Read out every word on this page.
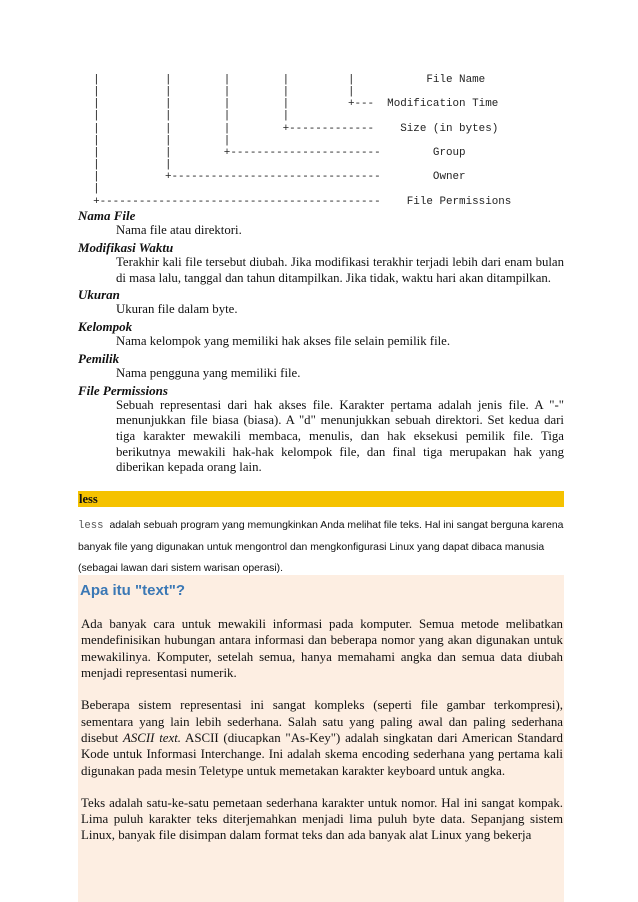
|          |        |        |         |           File Name
|          |        |        |         |
|          |        |        |         +---  Modification Time
|          |        |        |
|          |        |        +-------------    Size (in bytes)
|          |        |
|          |        +-----------------------        Group
|          |
|          +--------------------------------        Owner
|
+-------------------------------------------    File Permissions
Nama File
Nama file atau direktori.
Modifikasi Waktu
Terakhir kali file tersebut diubah. Jika modifikasi terakhir terjadi lebih dari enam bulan di masa lalu, tanggal dan tahun ditampilkan. Jika tidak, waktu hari akan ditampilkan.
Ukuran
Ukuran file dalam byte.
Kelompok
Nama kelompok yang memiliki hak akses file selain pemilik file.
Pemilik
Nama pengguna yang memiliki file.
File Permissions
Sebuah representasi dari hak akses file. Karakter pertama adalah jenis file. A "-" menunjukkan file biasa (biasa). A "d" menunjukkan sebuah direktori. Set kedua dari tiga karakter mewakili membaca, menulis, dan hak eksekusi pemilik file. Tiga berikutnya mewakili hak-hak kelompok file, dan final tiga merupakan hak yang diberikan kepada orang lain.
less
less adalah sebuah program yang memungkinkan Anda melihat file teks. Hal ini sangat berguna karena banyak file yang digunakan untuk mengontrol dan mengkonfigurasi Linux yang dapat dibaca manusia (sebagai lawan dari sistem warisan operasi).
Apa itu "text"?

Ada banyak cara untuk mewakili informasi pada komputer. Semua metode melibatkan mendefinisikan hubungan antara informasi dan beberapa nomor yang akan digunakan untuk mewakilinya. Komputer, setelah semua, hanya memahami angka dan semua data diubah menjadi representasi numerik.

Beberapa sistem representasi ini sangat kompleks (seperti file gambar terkompresi), sementara yang lain lebih sederhana. Salah satu yang paling awal dan paling sederhana disebut ASCII text. ASCII (diucapkan "As-Key") adalah singkatan dari American Standard Kode untuk Informasi Interchange. Ini adalah skema encoding sederhana yang pertama kali digunakan pada mesin Teletype untuk memetakan karakter keyboard untuk angka.

Teks adalah satu-ke-satu pemetaan sederhana karakter untuk nomor. Hal ini sangat kompak. Lima puluh karakter teks diterjemahkan menjadi lima puluh byte data. Sepanjang sistem Linux, banyak file disimpan dalam format teks dan ada banyak alat Linux yang bekerja
